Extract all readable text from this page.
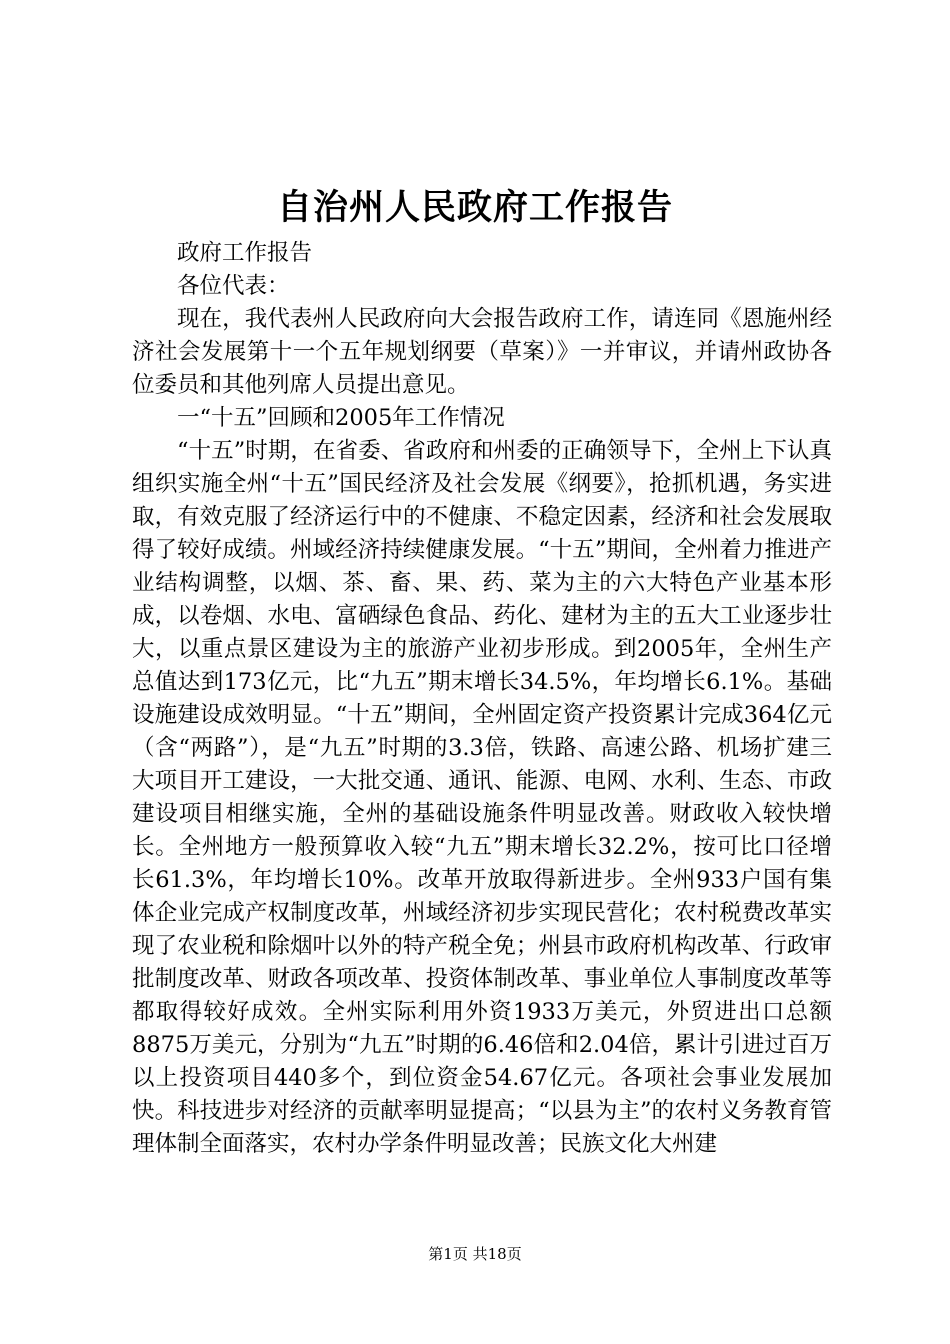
自治州人民政府工作报告

政府工作报告

各位代表：

现在，我代表州人民政府向大会报告政府工作，请连同《恩施州经济社会发展第十一个五年规划纲要（草案）》一并审议，并请州政协各位委员和其他列席人员提出意见。

一“十五”回顾和2005年工作情况

“十五”时期，在省委、省政府和州委的正确领导下，全州上下认真组织实施全州“十五”国民经济及社会发展《纲要》，抢抓机遇，务实进取，有效克服了经济运行中的不健康、不稳定因素，经济和社会发展取得了较好成绩。州域经济持续健康发展。“十五”期间，全州着力推进产业结构调整，以烟、茶、畜、果、药、菜为主的六大特色产业基本形成，以卷烟、水电、富硒绿色食品、药化、建材为主的五大工业逐步壮大，以重点景区建设为主的旅游产业初步形成。到2005年，全州生产总值达到173亿元，比“九五”期末增长34.5%，年均增长6.1%。基础设施建设成效明显。“十五”期间，全州固定资产投资累计完成364亿元（含“两路”），是“九五”时期的3.3倍，铁路、高速公路、机场扩建三大项目开工建设，一大批交通、通讯、能源、电网、水利、生态、市政建设项目相继实施，全州的基础设施条件明显改善。财政收入较快增长。全州地方一般预算收入较“九五”期末增长32.2%，按可比口径增长61.3%，年均增长10%。改革开放取得新进步。全州933户国有集体企业完成产权制度改革，州域经济初步实现民营化；农村税费改革实现了农业税和除烟叶以外的特产税全免；州县市政府机构改革、行政审批制度改革、财政各项改革、投资体制改革、事业单位人事制度改革等都取得较好成效。全州实际利用外资1933万美元，外贸进出口总额8875万美元，分别为“九五”时期的6.46倍和2.04倍，累计引进过百万以上投资项目440多个，到位资金54.67亿元。各项社会事业发展加快。科技进步对经济的贡献率明显提高；“以县为主”的农村义务教育管理体制全面落实，农村办学条件明显改善；民族文化大州建

第1页 共18页
